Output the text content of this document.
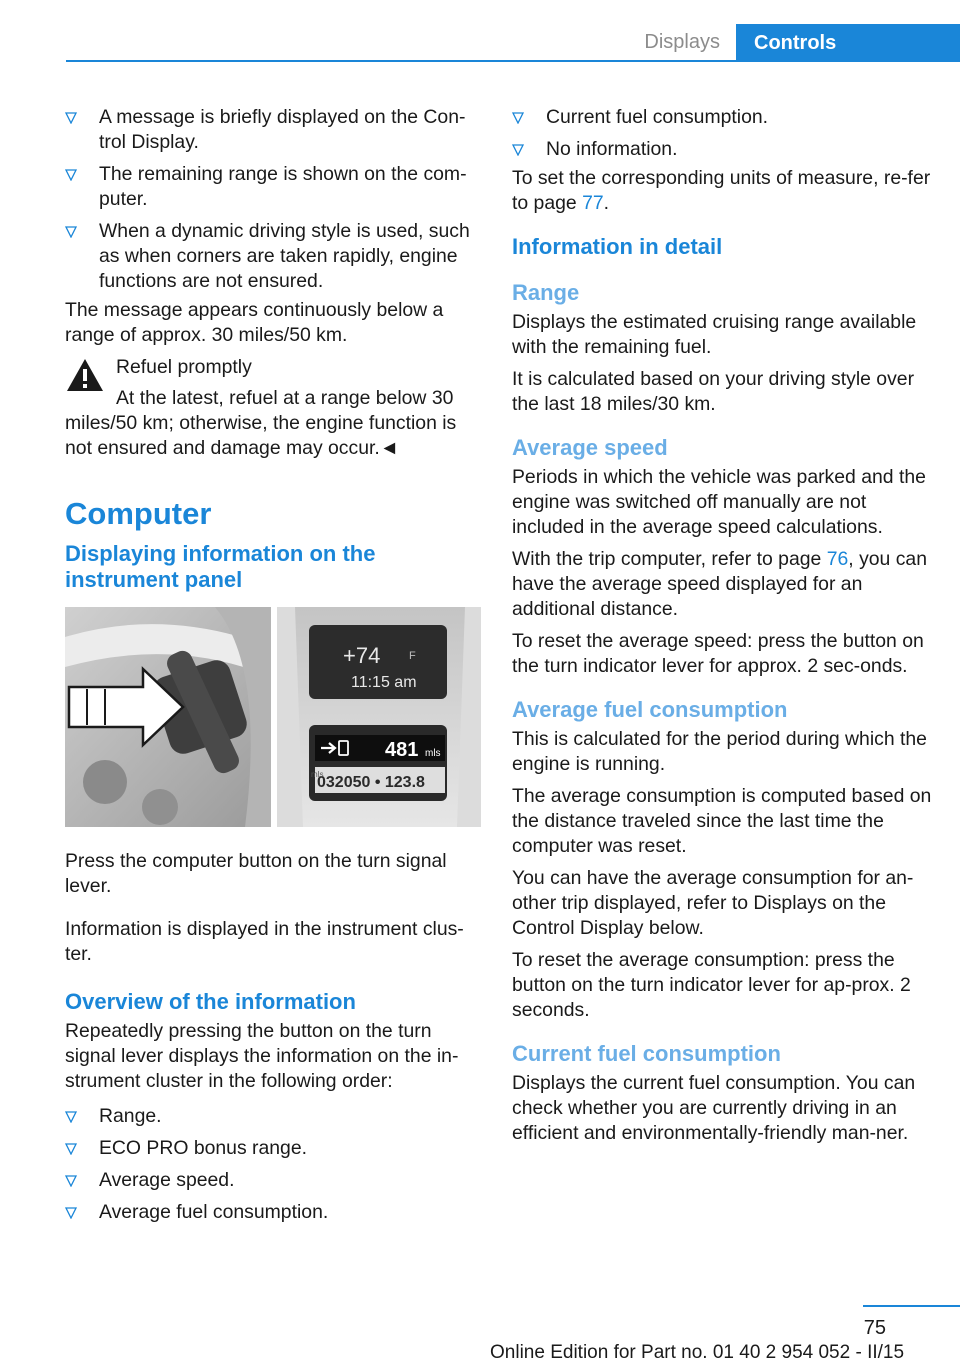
Displays	Controls
A message is briefly displayed on the Con-trol Display.
The remaining range is shown on the com-puter.
When a dynamic driving style is used, such as when corners are taken rapidly, engine functions are not ensured.

The message appears continuously below a range of approx. 30 miles/50 km.

Refuel promptly
At the latest, refuel at a range below 30 miles/50 km; otherwise, the engine function is not ensured and damage may occur.◄
Computer
Displaying information on the instrument panel
+74	F
11:15 am
481 mls
032050 • 123.8
mls

Press the computer button on the turn signal lever.

Information is displayed in the instrument clus-ter.

Overview of the information

Repeatedly pressing the button on the turn signal lever displays the information on the in-strument cluster in the following order:

Range.
ECO PRO bonus range.
Average speed.
Average fuel consumption.
Current fuel consumption.
No information.

To set the corresponding units of measure, re-fer to page 77.

Information in detail
Range

Displays the estimated cruising range available with the remaining fuel.

It is calculated based on your driving style over the last 18 miles/30 km.

Average speed

Periods in which the vehicle was parked and the engine was switched off manually are not included in the average speed calculations.

With the trip computer, refer to page 76, you can have the average speed displayed for an additional distance.

To reset the average speed: press the button on the turn indicator lever for approx. 2 sec-onds.

Average fuel consumption

This is calculated for the period during which the engine is running.

The average consumption is computed based on the distance traveled since the last time the computer was reset.

You can have the average consumption for an-other trip displayed, refer to Displays on the Control Display below.

To reset the average consumption: press the button on the turn indicator lever for ap-prox. 2 seconds.

Current fuel consumption

Displays the current fuel consumption. You can check whether you are currently driving in an efficient and environmentally-friendly man-ner.

75
Online Edition for Part no. 01 40 2 954 052 - II/15
